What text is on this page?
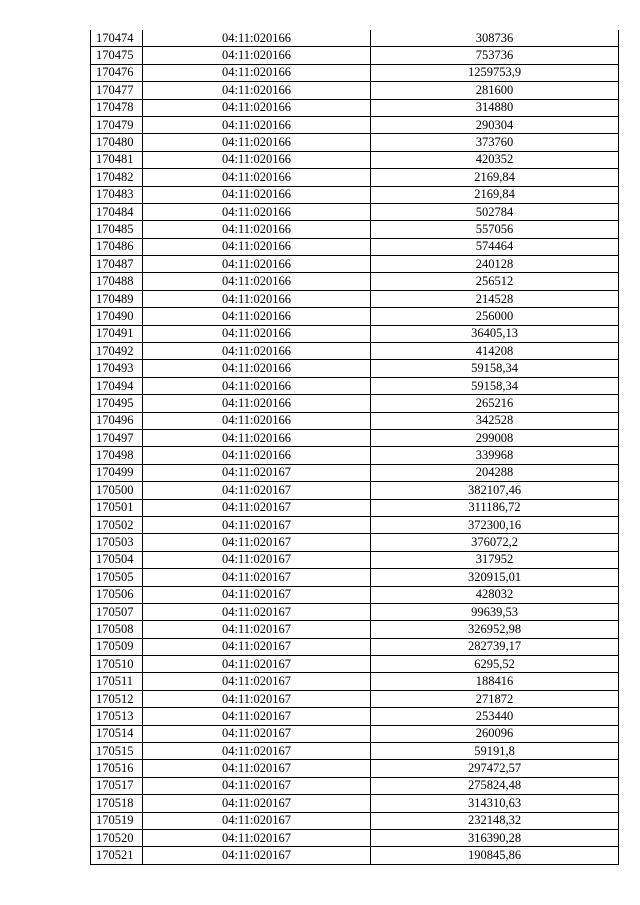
170474	04:11:020166	308736
170475	04:11:020166	753736
170476	04:11:020166	1259753,9
170477	04:11:020166	281600
170478	04:11:020166	314880
170479	04:11:020166	290304
170480	04:11:020166	373760
170481	04:11:020166	420352
170482	04:11:020166	2169,84
170483	04:11:020166	2169,84
170484	04:11:020166	502784
170485	04:11:020166	557056
170486	04:11:020166	574464
170487	04:11:020166	240128
170488	04:11:020166	256512
170489	04:11:020166	214528
170490	04:11:020166	256000
170491	04:11:020166	36405,13
170492	04:11:020166	414208
170493	04:11:020166	59158,34
170494	04:11:020166	59158,34
170495	04:11:020166	265216
170496	04:11:020166	342528
170497	04:11:020166	299008
170498	04:11:020166	339968
170499	04:11:020167	204288
170500	04:11:020167	382107,46
170501	04:11:020167	311186,72
170502	04:11:020167	372300,16
170503	04:11:020167	376072,2
170504	04:11:020167	317952
170505	04:11:020167	320915,01
170506	04:11:020167	428032
170507	04:11:020167	99639,53
170508	04:11:020167	326952,98
170509	04:11:020167	282739,17
170510	04:11:020167	6295,52
170511	04:11:020167	188416
170512	04:11:020167	271872
170513	04:11:020167	253440
170514	04:11:020167	260096
170515	04:11:020167	59191,8
170516	04:11:020167	297472,57
170517	04:11:020167	275824,48
170518	04:11:020167	314310,63
170519	04:11:020167	232148,32
170520	04:11:020167	316390,28
170521	04:11:020167	190845,86
